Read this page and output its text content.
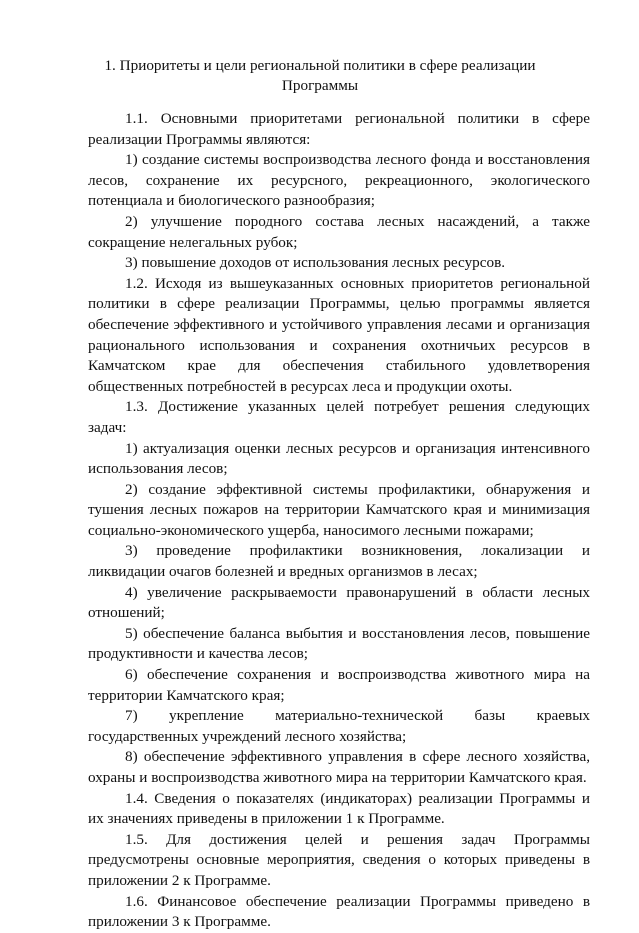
1. Приоритеты и цели региональной политики в сфере реализации
Программы

1.1. Основными приоритетами региональной политики в сфере реализации Программы являются:

1) создание системы воспроизводства лесного фонда и восстановления лесов, сохранение их ресурсного, рекреационного, экологического потенциала и биологического разнообразия;

2) улучшение породного состава лесных насаждений, а также сокращение нелегальных рубок;

3) повышение доходов от использования лесных ресурсов.

1.2. Исходя из вышеуказанных основных приоритетов региональной политики в сфере реализации Программы, целью программы является обеспечение эффективного и устойчивого управления лесами и организация рационального использования и сохранения охотничьих ресурсов в Камчатском крае для обеспечения стабильного удовлетворения общественных потребностей в ресурсах леса и продукции охоты.

1.3. Достижение указанных целей потребует решения следующих задач:

1) актуализация оценки лесных ресурсов и организация интенсивного использования лесов;

2) создание эффективной системы профилактики, обнаружения и тушения лесных пожаров на территории Камчатского края и минимизация социально-экономического ущерба, наносимого лесными пожарами;

3) проведение профилактики возникновения, локализации и ликвидации очагов болезней и вредных организмов в лесах;

4) увеличение раскрываемости правонарушений в области лесных отношений;

5) обеспечение баланса выбытия и восстановления лесов, повышение продуктивности и качества лесов;

6) обеспечение сохранения и воспроизводства животного мира на территории Камчатского края;

7) укрепление материально-технической базы краевых государственных учреждений лесного хозяйства;

8) обеспечение эффективного управления в сфере лесного хозяйства, охраны и воспроизводства животного мира на территории Камчатского края.

1.4. Сведения о показателях (индикаторах) реализации Программы и их значениях приведены в приложении 1 к Программе.

1.5. Для достижения целей и решения задач Программы предусмотрены основные мероприятия, сведения о которых приведены в приложении 2 к Программе.

1.6. Финансовое обеспечение реализации Программы приведено в приложении 3 к Программе.
